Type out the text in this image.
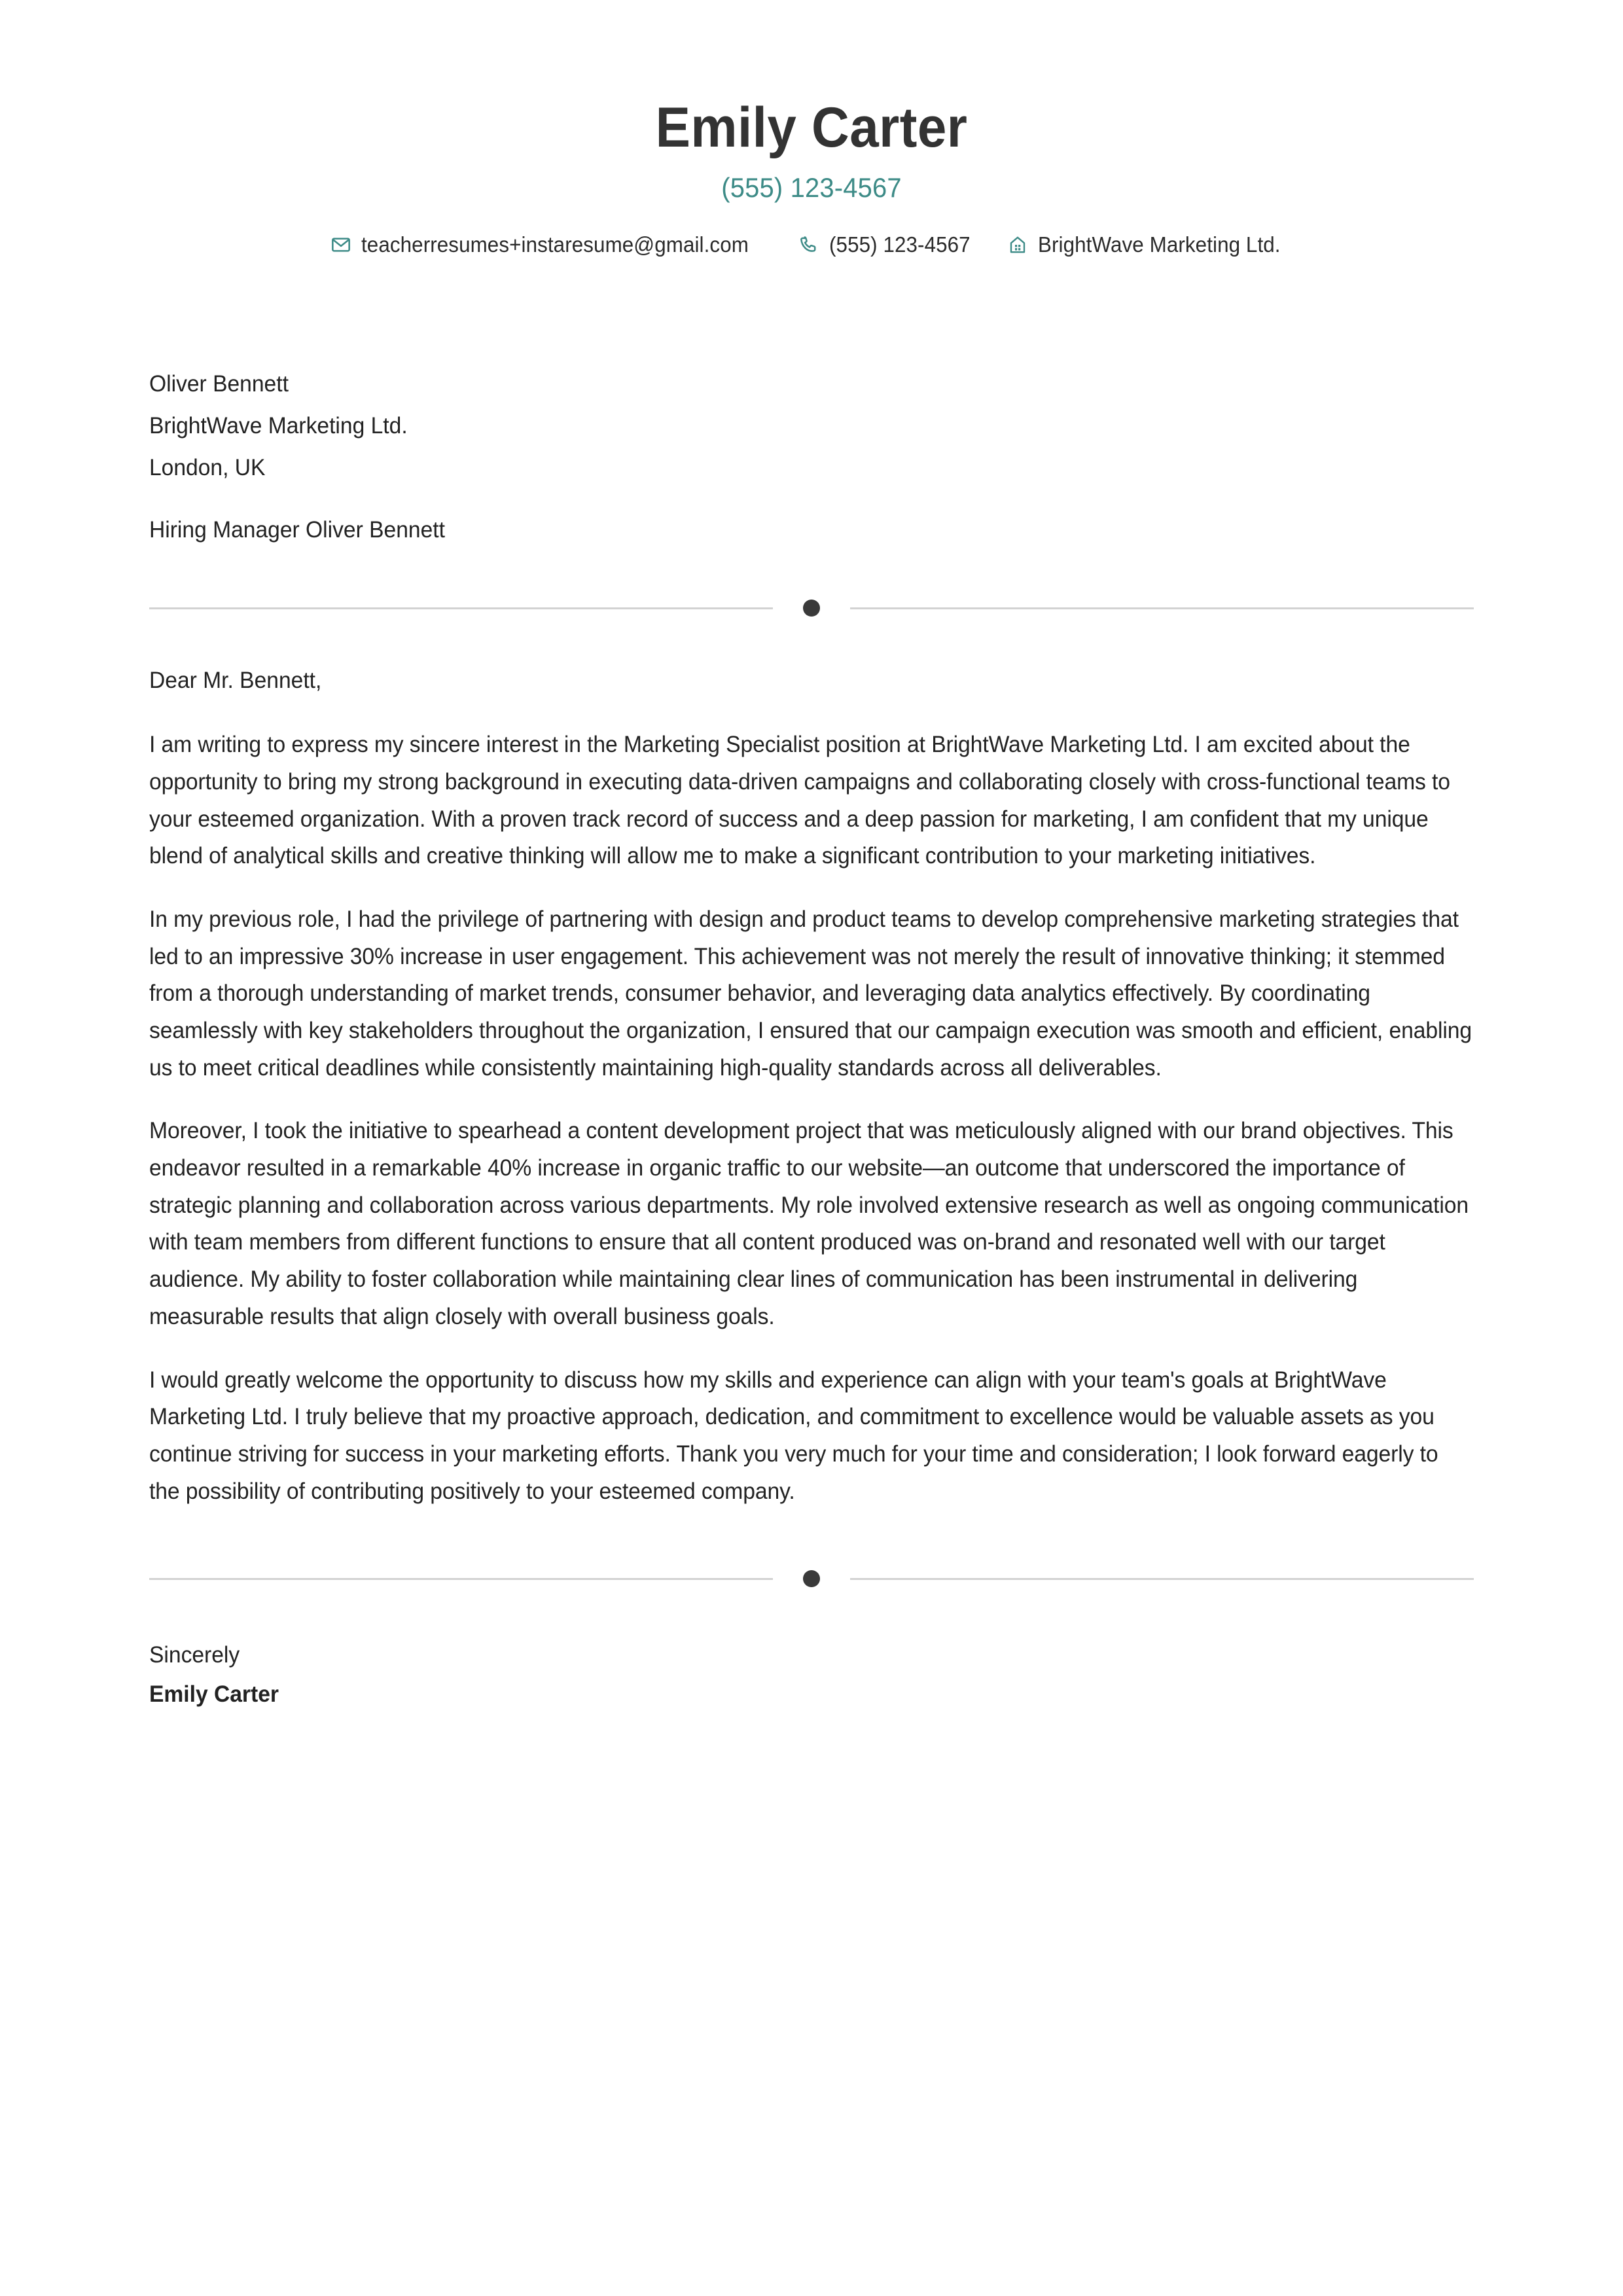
Emily Carter
(555) 123-4567
teacherresumes+instaresume@gmail.com	(555) 123-4567	BrightWave Marketing Ltd.
Oliver Bennett
BrightWave Marketing Ltd.
London, UK
Hiring Manager Oliver Bennett
Dear Mr. Bennett,

I am writing to express my sincere interest in the Marketing Specialist position at BrightWave Marketing Ltd. I am excited about the opportunity to bring my strong background in executing data-driven campaigns and collaborating closely with cross-functional teams to your esteemed organization. With a proven track record of success and a deep passion for marketing, I am confident that my unique blend of analytical skills and creative thinking will allow me to make a significant contribution to your marketing initiatives.

In my previous role, I had the privilege of partnering with design and product teams to develop comprehensive marketing strategies that led to an impressive 30% increase in user engagement. This achievement was not merely the result of innovative thinking; it stemmed from a thorough understanding of market trends, consumer behavior, and leveraging data analytics effectively. By coordinating seamlessly with key stakeholders throughout the organization, I ensured that our campaign execution was smooth and efficient, enabling us to meet critical deadlines while consistently maintaining high-quality standards across all deliverables.

Moreover, I took the initiative to spearhead a content development project that was meticulously aligned with our brand objectives. This endeavor resulted in a remarkable 40% increase in organic traffic to our website—an outcome that underscored the importance of strategic planning and collaboration across various departments. My role involved extensive research as well as ongoing communication with team members from different functions to ensure that all content produced was on-brand and resonated well with our target audience. My ability to foster collaboration while maintaining clear lines of communication has been instrumental in delivering measurable results that align closely with overall business goals.

I would greatly welcome the opportunity to discuss how my skills and experience can align with your team's goals at BrightWave Marketing Ltd. I truly believe that my proactive approach, dedication, and commitment to excellence would be valuable assets as you continue striving for success in your marketing efforts. Thank you very much for your time and consideration; I look forward eagerly to the possibility of contributing positively to your esteemed company.

Sincerely
Emily Carter
